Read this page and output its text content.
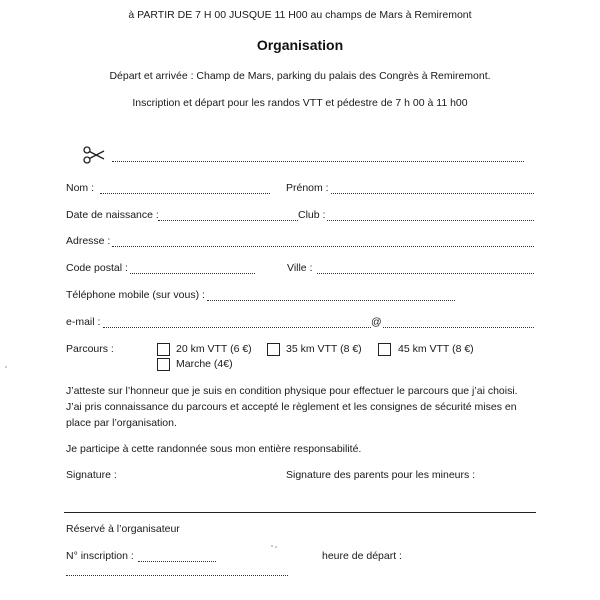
à PARTIR DE 7 H 00 JUSQUE 11 H00 au champs de Mars à Remiremont
Organisation
Départ et arrivée : Champ de Mars, parking du palais des Congrès à Remiremont.
Inscription et départ pour les randos VTT et pédestre de 7 h 00 à 11 h00
Nom :	Prénom :
Date de naissance :	Club :
Adresse :
Code postal :	Ville :
Téléphone mobile (sur vous) :
e-mail :	@
Parcours :	20 km VTT (6 €)	35 km VTT (8 €)	45 km VTT (8 €)
Marche (4€)
J’atteste sur l’honneur que je suis en condition physique pour effectuer le parcours que j’ai choisi. J’ai pris connaissance du parcours et accepté le règlement et les consignes de sécurité mises en place par l’organisation.
Je participe à cette randonnée sous mon entière responsabilité.
Signature :	Signature des parents pour les mineurs :
Réservé à l’organisateur
N° inscription :	heure de départ :
